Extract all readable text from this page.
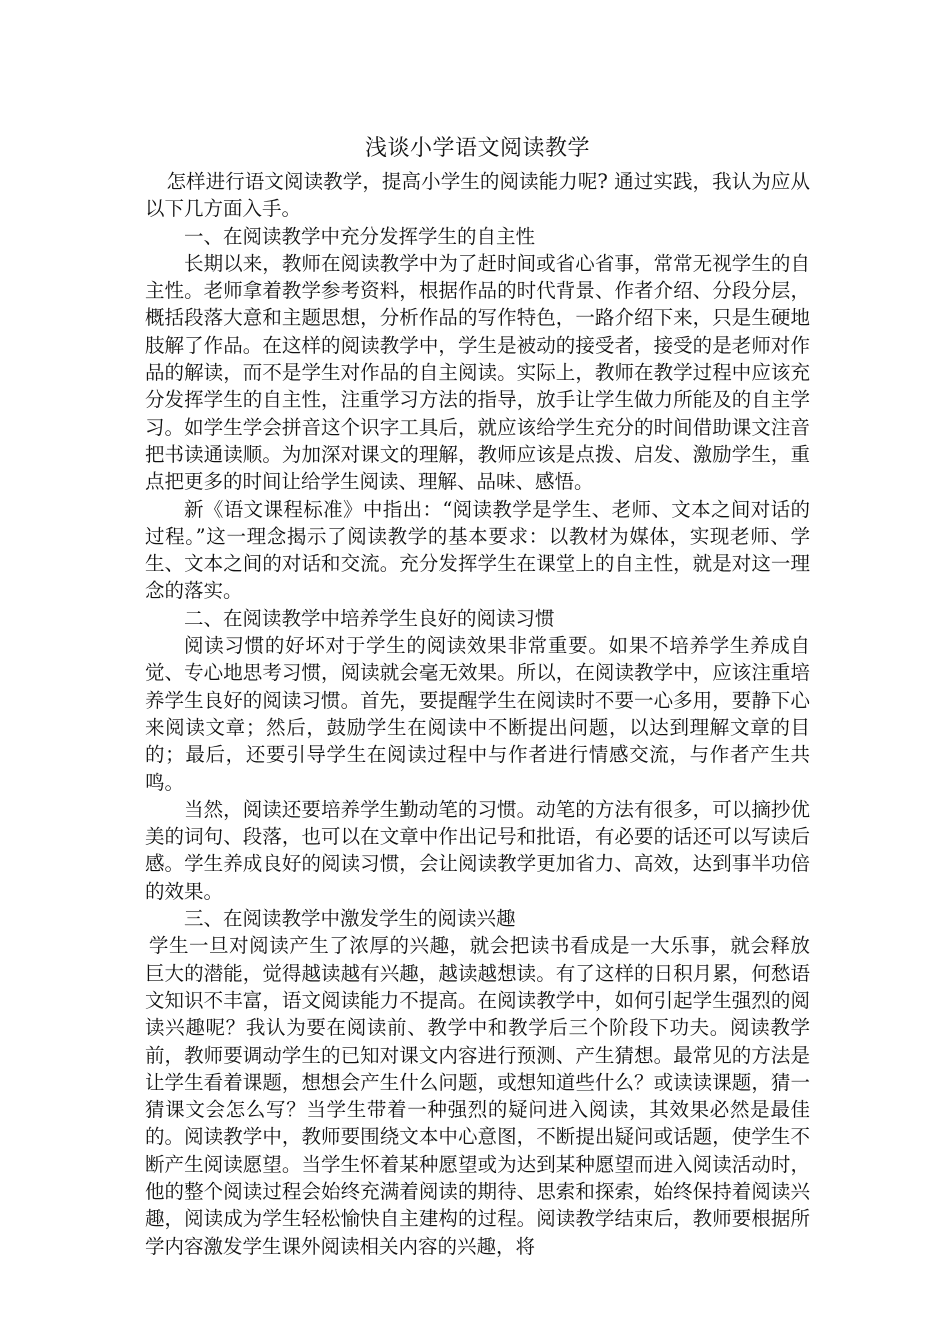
浅谈小学语文阅读教学

怎样进行语文阅读教学，提高小学生的阅读能力呢? 通过实践，我认为应从以下几方面入手。

一、在阅读教学中充分发挥学生的自主性

长期以来，教师在阅读教学中为了赶时间或省心省事，常常无视学生的自主性。老师拿着教学参考资料，根据作品的时代背景、作者介绍、分段分层，概括段落大意和主题思想，分析作品的写作特色，一路介绍下来，只是生硬地肢解了作品。在这样的阅读教学中，学生是被动的接受者，接受的是老师对作品的解读，而不是学生对作品的自主阅读。实际上，教师在教学过程中应该充分发挥学生的自主性，注重学习方法的指导，放手让学生做力所能及的自主学习。如学生学会拼音这个识字工具后，就应该给学生充分的时间借助课文注音把书读通读顺。为加深对课文的理解，教师应该是点拨、启发、激励学生，重点把更多的时间让给学生阅读、理解、品味、感悟。

新《语文课程标准》中指出：“阅读教学是学生、老师、文本之间对话的过程。”这一理念揭示了阅读教学的基本要求：以教材为媒体，实现老师、学生、文本之间的对话和交流。充分发挥学生在课堂上的自主性，就是对这一理念的落实。

二、在阅读教学中培养学生良好的阅读习惯

阅读习惯的好坏对于学生的阅读效果非常重要。如果不培养学生养成自觉、专心地思考习惯，阅读就会毫无效果。所以，在阅读教学中，应该注重培养学生良好的阅读习惯。首先，要提醒学生在阅读时不要一心多用，要静下心来阅读文章；然后，鼓励学生在阅读中不断提出问题，以达到理解文章的目的；最后，还要引导学生在阅读过程中与作者进行情感交流，与作者产生共鸣。

当然，阅读还要培养学生勤动笔的习惯。动笔的方法有很多，可以摘抄优美的词句、段落，也可以在文章中作出记号和批语，有必要的话还可以写读后感。学生养成良好的阅读习惯，会让阅读教学更加省力、高效，达到事半功倍的效果。

三、在阅读教学中激发学生的阅读兴趣

学生一旦对阅读产生了浓厚的兴趣，就会把读书看成是一大乐事，就会释放巨大的潜能，觉得越读越有兴趣，越读越想读。有了这样的日积月累，何愁语文知识不丰富，语文阅读能力不提高。在阅读教学中，如何引起学生强烈的阅读兴趣呢？我认为要在阅读前、教学中和教学后三个阶段下功夫。阅读教学前，教师要调动学生的已知对课文内容进行预测、产生猜想。最常见的方法是让学生看着课题，想想会产生什么问题，或想知道些什么？或读读课题，猜一猜课文会怎么写？当学生带着一种强烈的疑问进入阅读，其效果必然是最佳的。阅读教学中，教师要围绕文本中心意图，不断提出疑问或话题，使学生不断产生阅读愿望。当学生怀着某种愿望或为达到某种愿望而进入阅读活动时，他的整个阅读过程会始终充满着阅读的期待、思索和探索，始终保持着阅读兴趣，阅读成为学生轻松愉快自主建构的过程。阅读教学结束后，教师要根据所学内容激发学生课外阅读相关内容的兴趣，将
